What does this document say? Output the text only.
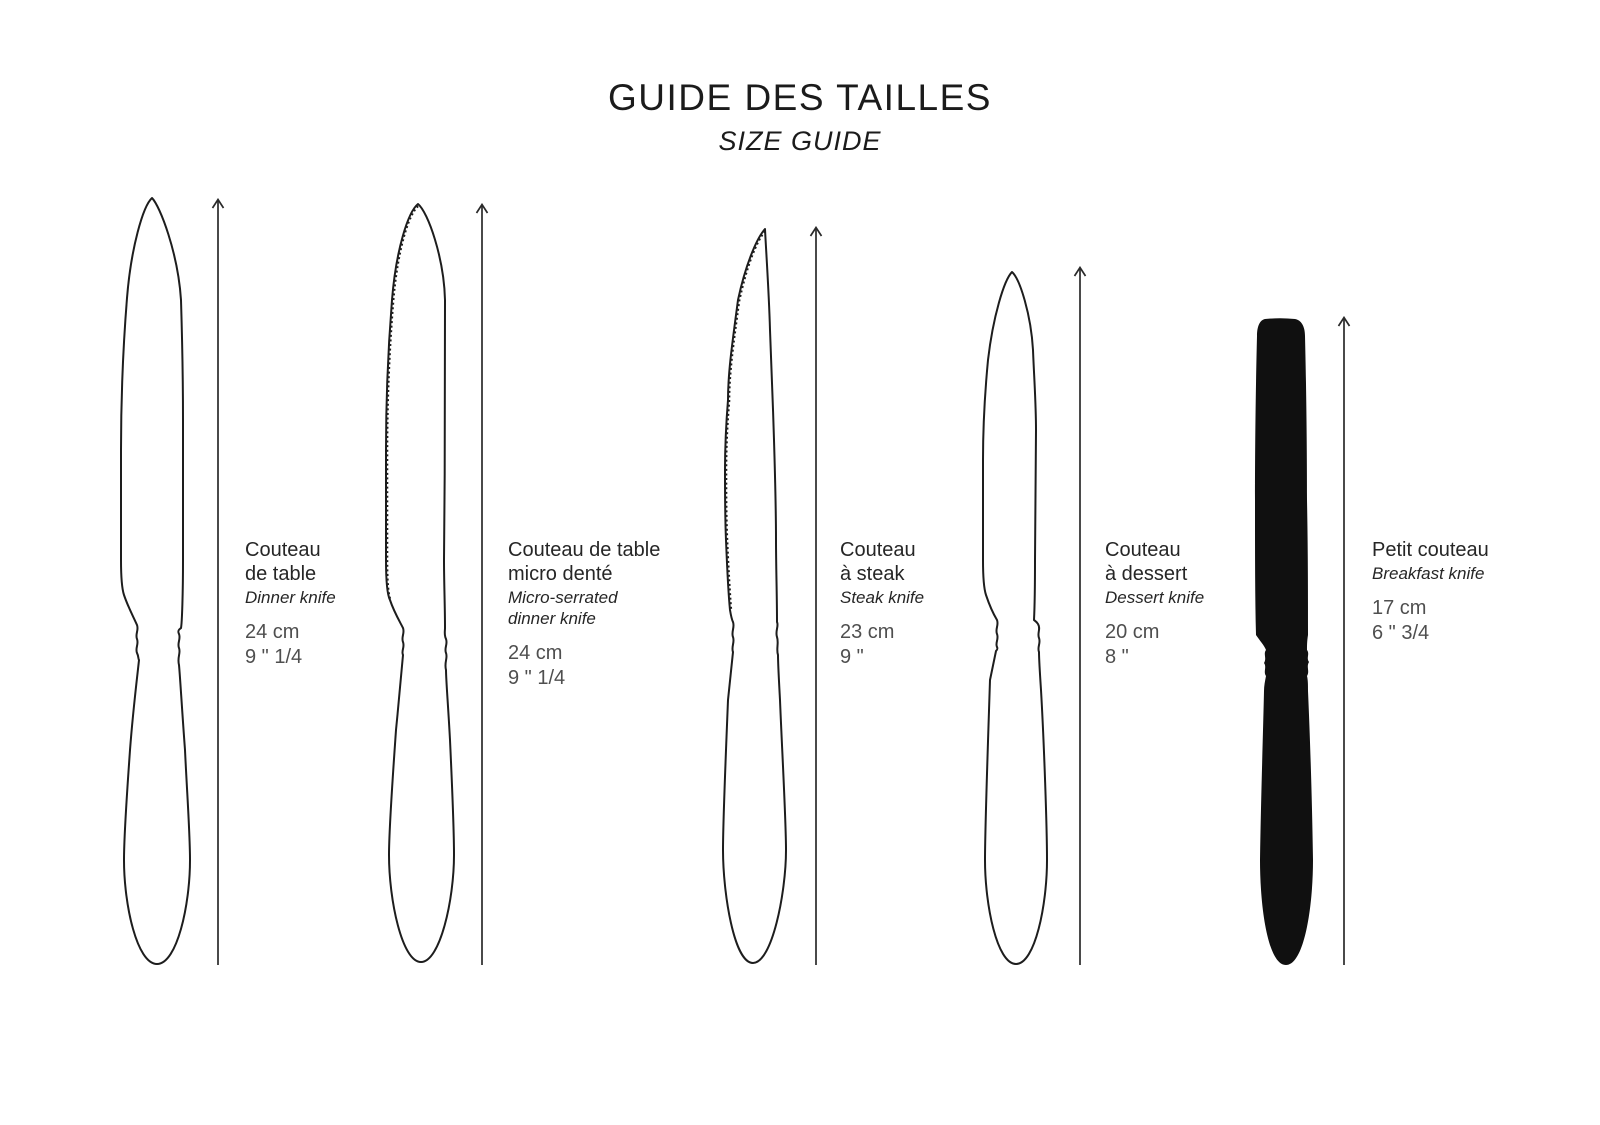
GUIDE DES TAILLES
SIZE GUIDE
Couteau
de table
Dinner knife
24 cm
9 " 1/4
Couteau de table
micro denté
Micro-serrated
dinner knife
24 cm
9 " 1/4
Couteau
à steak
Steak knife
23 cm
9 "
Couteau
à dessert
Dessert knife
20 cm
8 "
Petit couteau
Breakfast knife
17 cm
6 " 3/4
